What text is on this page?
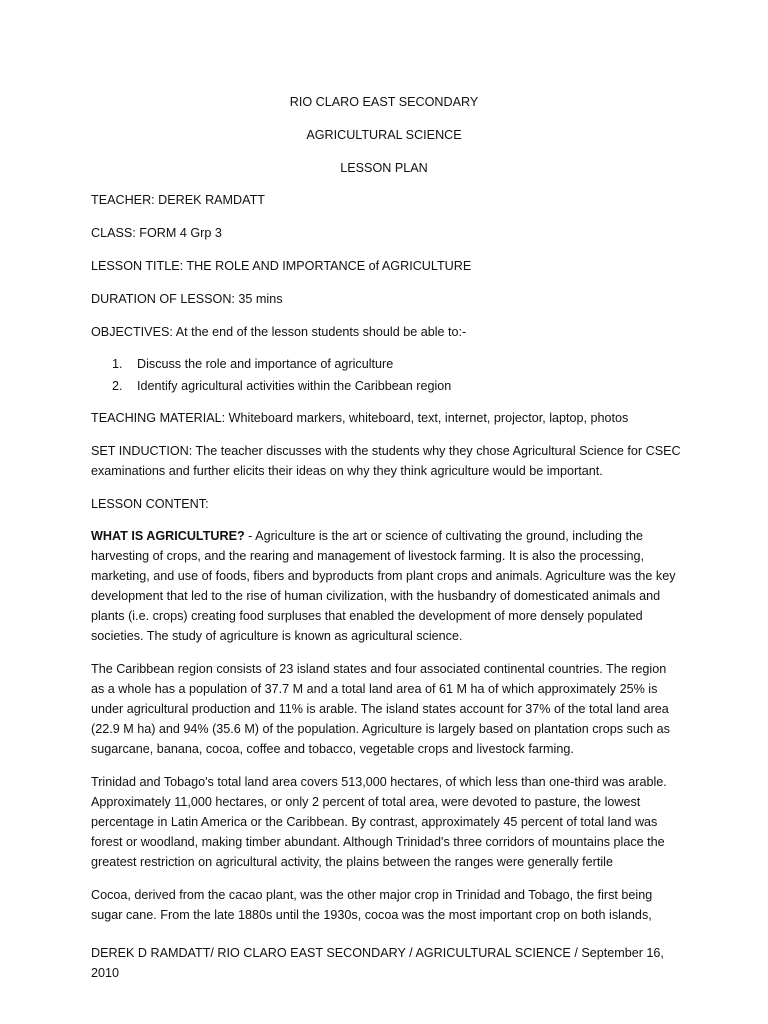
RIO CLARO EAST SECONDARY

AGRICULTURAL SCIENCE

LESSON PLAN

TEACHER: DEREK RAMDATT

CLASS: FORM 4 Grp 3

LESSON TITLE: THE ROLE AND IMPORTANCE of AGRICULTURE

DURATION OF LESSON: 35 mins

OBJECTIVES: At the end of the lesson students should be able to:-

1.	Discuss the role and importance of agriculture
2.	Identify agricultural activities within the Caribbean region

TEACHING MATERIAL: Whiteboard markers, whiteboard, text, internet, projector, laptop, photos

SET INDUCTION: The teacher discusses with the students why they chose Agricultural Science for CSEC examinations and further elicits their ideas on why they think agriculture would be important.

LESSON CONTENT:

WHAT IS AGRICULTURE? - Agriculture is the art or science of cultivating the ground, including the harvesting of crops, and the rearing and management of livestock farming. It is also the processing, marketing, and use of foods, fibers and byproducts from plant crops and animals. Agriculture was the key development that led to the rise of human civilization, with the husbandry of domesticated animals and plants (i.e. crops) creating food surpluses that enabled the development of more densely populated societies. The study of agriculture is known as agricultural science.

The Caribbean region consists of 23 island states and four associated continental countries. The region as a whole has a population of 37.7 M and a total land area of 61 M ha of which approximately 25% is under agricultural production and 11% is arable. The island states account for 37% of the total land area (22.9 M ha) and 94% (35.6 M) of the population. Agriculture is largely based on plantation crops such as sugarcane, banana, cocoa, coffee and tobacco, vegetable crops and livestock farming.

Trinidad and Tobago's total land area covers 513,000 hectares, of which less than one-third was arable. Approximately 11,000 hectares, or only 2 percent of total area, were devoted to pasture, the lowest percentage in Latin America or the Caribbean. By contrast, approximately 45 percent of total land was forest or woodland, making timber abundant. Although Trinidad's three corridors of mountains place the greatest restriction on agricultural activity, the plains between the ranges were generally fertile

Cocoa, derived from the cacao plant, was the other major crop in Trinidad and Tobago, the first being sugar cane. From the late 1880s until the 1930s, cocoa was the most important crop on both islands,

DEREK D RAMDATT/ RIO CLARO EAST SECONDARY / AGRICULTURAL SCIENCE / September 16, 2010
